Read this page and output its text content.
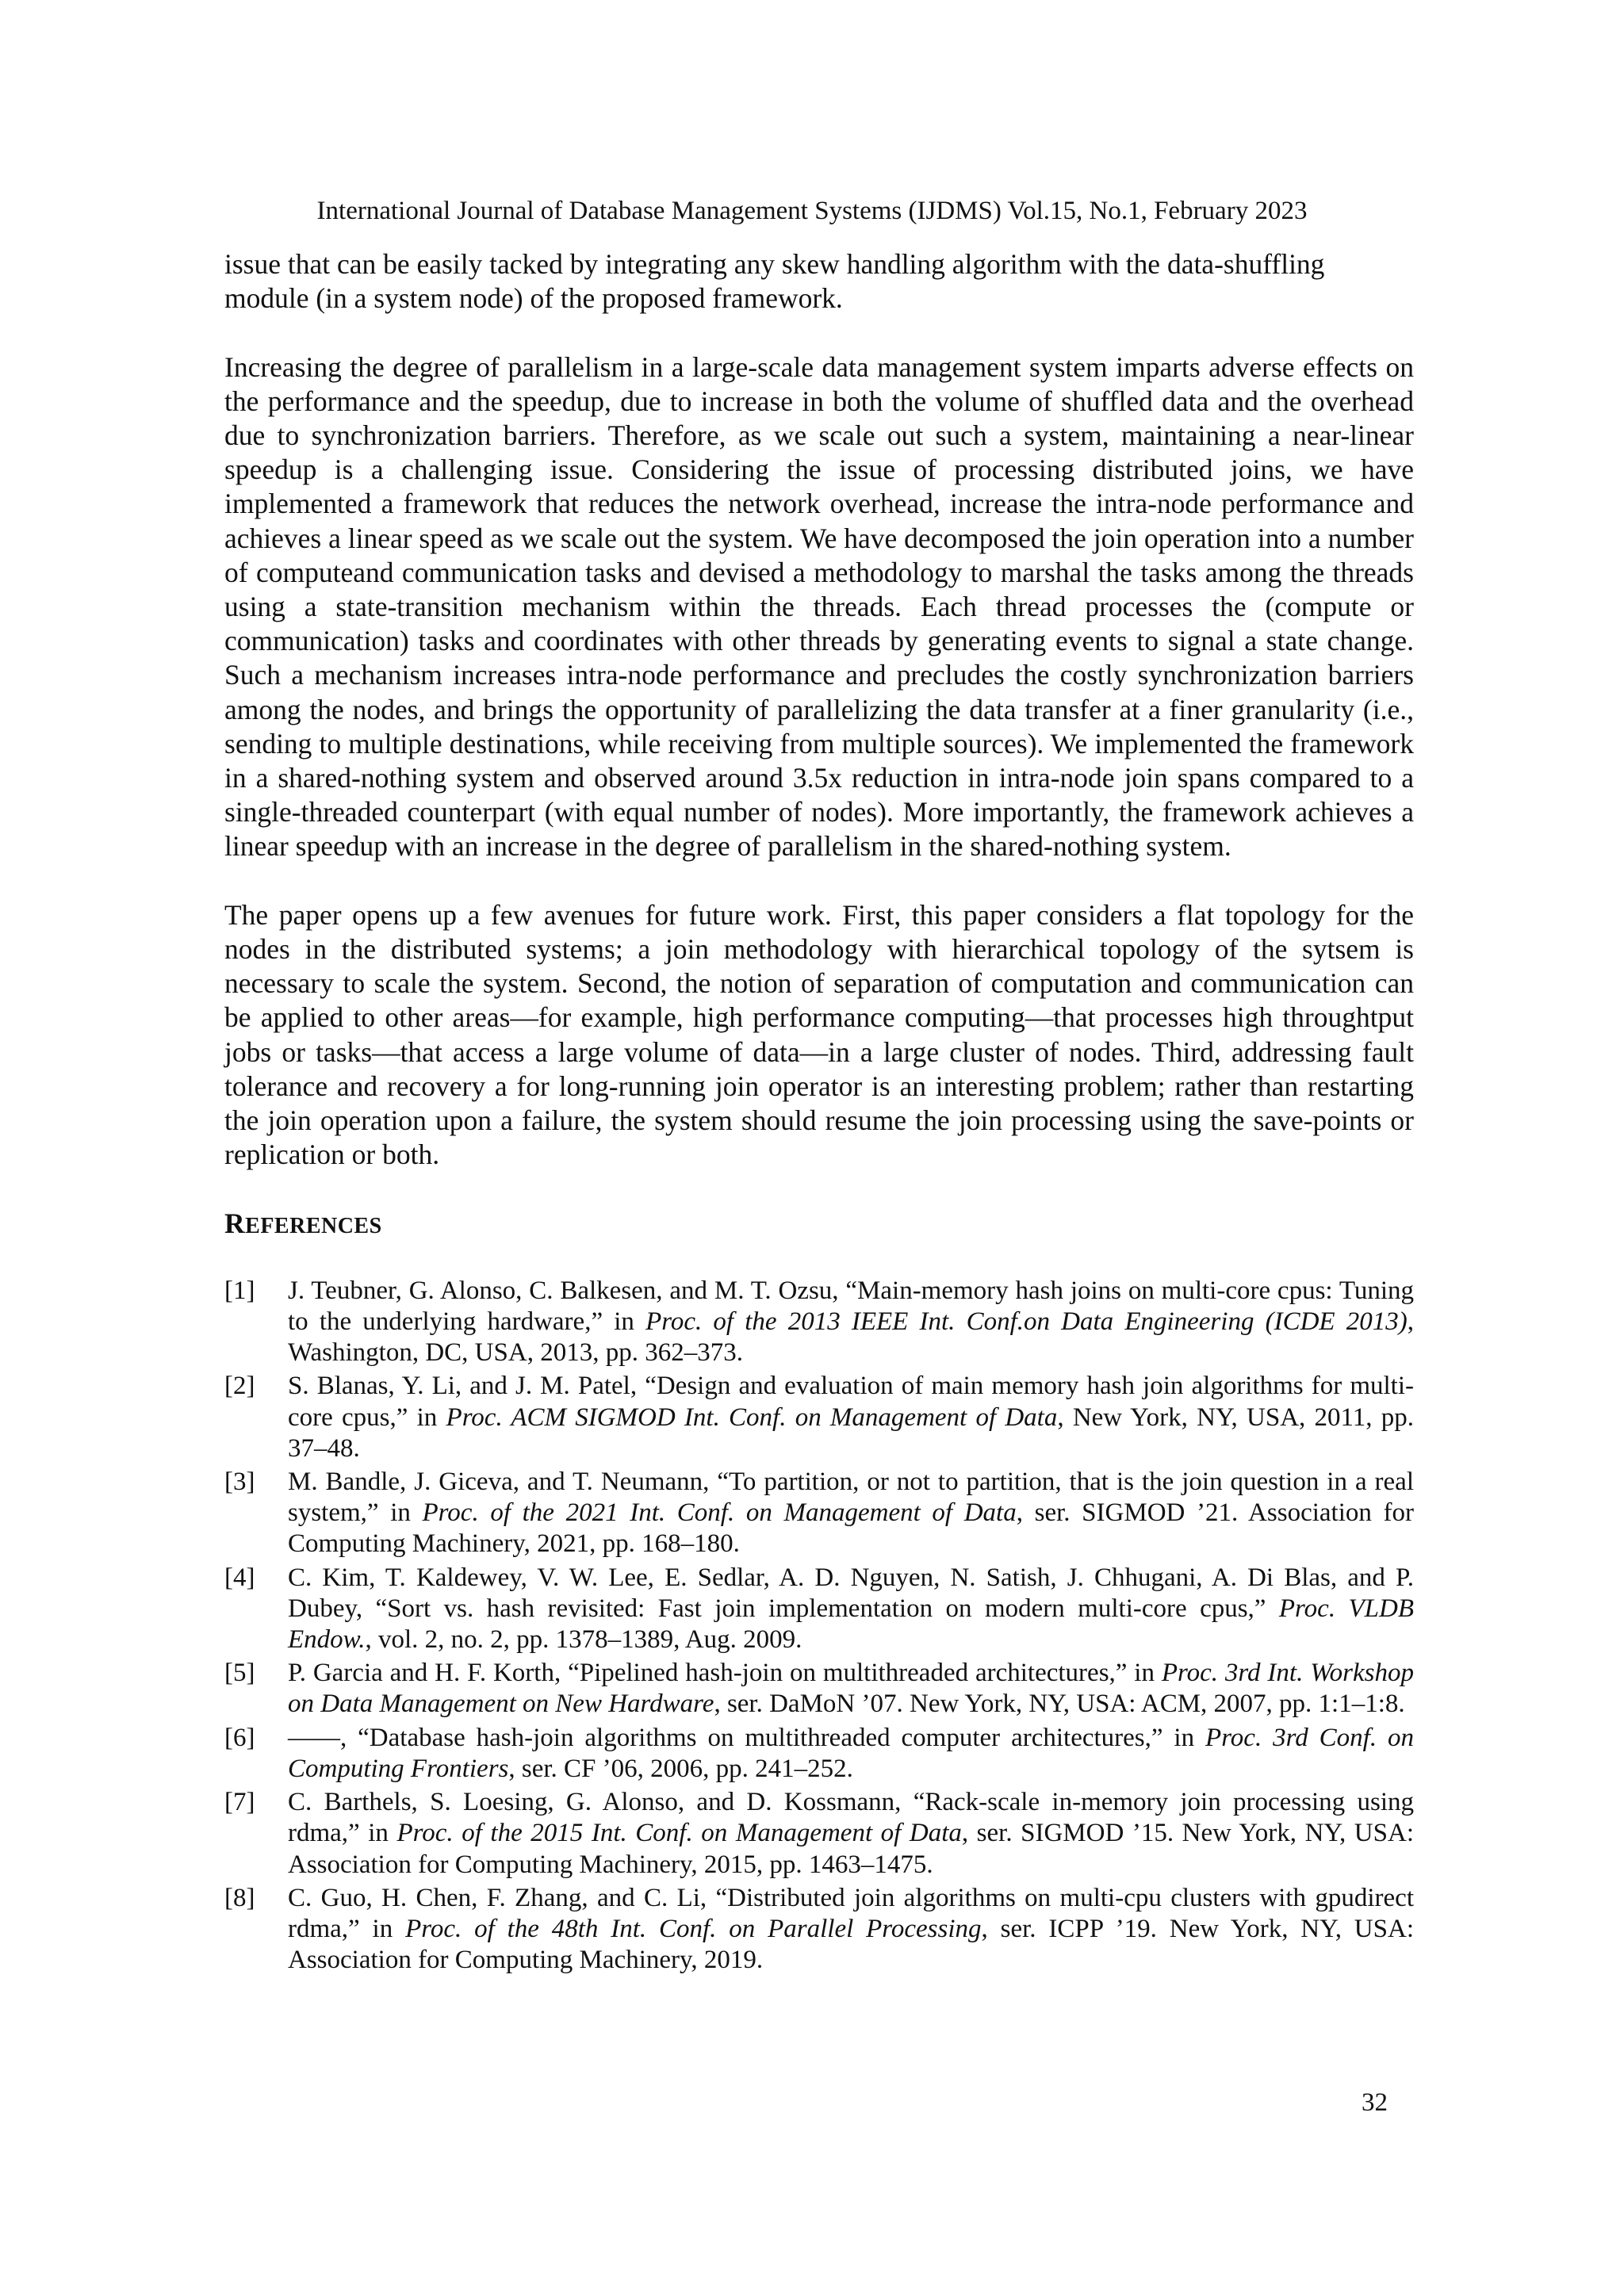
International Journal of Database Management Systems (IJDMS) Vol.15, No.1, February 2023

issue that can be easily tacked by integrating any skew handling algorithm with the data-shuffling module (in a system node) of the proposed framework.

Increasing the degree of parallelism in a large-scale data management system imparts adverse effects on the performance and the speedup, due to increase in both the volume of shuffled data and the overhead due to synchronization barriers. Therefore, as we scale out such a system, maintaining a near-linear speedup is a challenging issue. Considering the issue of processing distributed joins, we have implemented a framework that reduces the network overhead, increase the intra-node performance and achieves a linear speed as we scale out the system. We have decomposed the join operation into a number of computeand communication tasks and devised a methodology to marshal the tasks among the threads using a state-transition mechanism within the threads. Each thread processes the (compute or communication) tasks and coordinates with other threads by generating events to signal a state change. Such a mechanism increases intra-node performance and precludes the costly synchronization barriers among the nodes, and brings the opportunity of parallelizing the data transfer at a finer granularity (i.e., sending to multiple destinations, while receiving from multiple sources). We implemented the framework in a shared-nothing system and observed around 3.5x reduction in intra-node join spans compared to a single-threaded counterpart (with equal number of nodes). More importantly, the framework achieves a linear speedup with an increase in the degree of parallelism in the shared-nothing system.

The paper opens up a few avenues for future work. First, this paper considers a flat topology for the nodes in the distributed systems; a join methodology with hierarchical topology of the sytsem is necessary to scale the system. Second, the notion of separation of computation and communication can be applied to other areas—for example, high performance computing—that processes high throughtput jobs or tasks—that access a large volume of data—in a large cluster of nodes. Third, addressing fault tolerance and recovery a for long-running join operator is an interesting problem; rather than restarting the join operation upon a failure, the system should resume the join processing using the save-points or replication or both.

REFERENCES
[1] J. Teubner, G. Alonso, C. Balkesen, and M. T. Ozsu, “Main-memory hash joins on multi-core cpus: Tuning to the underlying hardware,” in Proc. of the 2013 IEEE Int. Conf.on Data Engineering (ICDE 2013), Washington, DC, USA, 2013, pp. 362–373.
[2] S. Blanas, Y. Li, and J. M. Patel, “Design and evaluation of main memory hash join algorithms for multi-core cpus,” in Proc. ACM SIGMOD Int. Conf. on Management of Data, New York, NY, USA, 2011, pp. 37–48.
[3] M. Bandle, J. Giceva, and T. Neumann, “To partition, or not to partition, that is the join question in a real system,” in Proc. of the 2021 Int. Conf. on Management of Data, ser. SIGMOD ’21. Association for Computing Machinery, 2021, pp. 168–180.
[4] C. Kim, T. Kaldewey, V. W. Lee, E. Sedlar, A. D. Nguyen, N. Satish, J. Chhugani, A. Di Blas, and P. Dubey, “Sort vs. hash revisited: Fast join implementation on modern multi-core cpus,” Proc. VLDB Endow., vol. 2, no. 2, pp. 1378–1389, Aug. 2009.
[5] P. Garcia and H. F. Korth, “Pipelined hash-join on multithreaded architectures,” in Proc. 3rd Int. Workshop on Data Management on New Hardware, ser. DaMoN ’07. New York, NY, USA: ACM, 2007, pp. 1:1–1:8.
[6] ——, “Database hash-join algorithms on multithreaded computer architectures,” in Proc. 3rd Conf. on Computing Frontiers, ser. CF ’06, 2006, pp. 241–252.
[7] C. Barthels, S. Loesing, G. Alonso, and D. Kossmann, “Rack-scale in-memory join processing using rdma,” in Proc. of the 2015 Int. Conf. on Management of Data, ser. SIGMOD ’15. New York, NY, USA: Association for Computing Machinery, 2015, pp. 1463–1475.
[8] C. Guo, H. Chen, F. Zhang, and C. Li, “Distributed join algorithms on multi-cpu clusters with gpudirect rdma,” in Proc. of the 48th Int. Conf. on Parallel Processing, ser. ICPP ’19. New York, NY, USA: Association for Computing Machinery, 2019.
32
